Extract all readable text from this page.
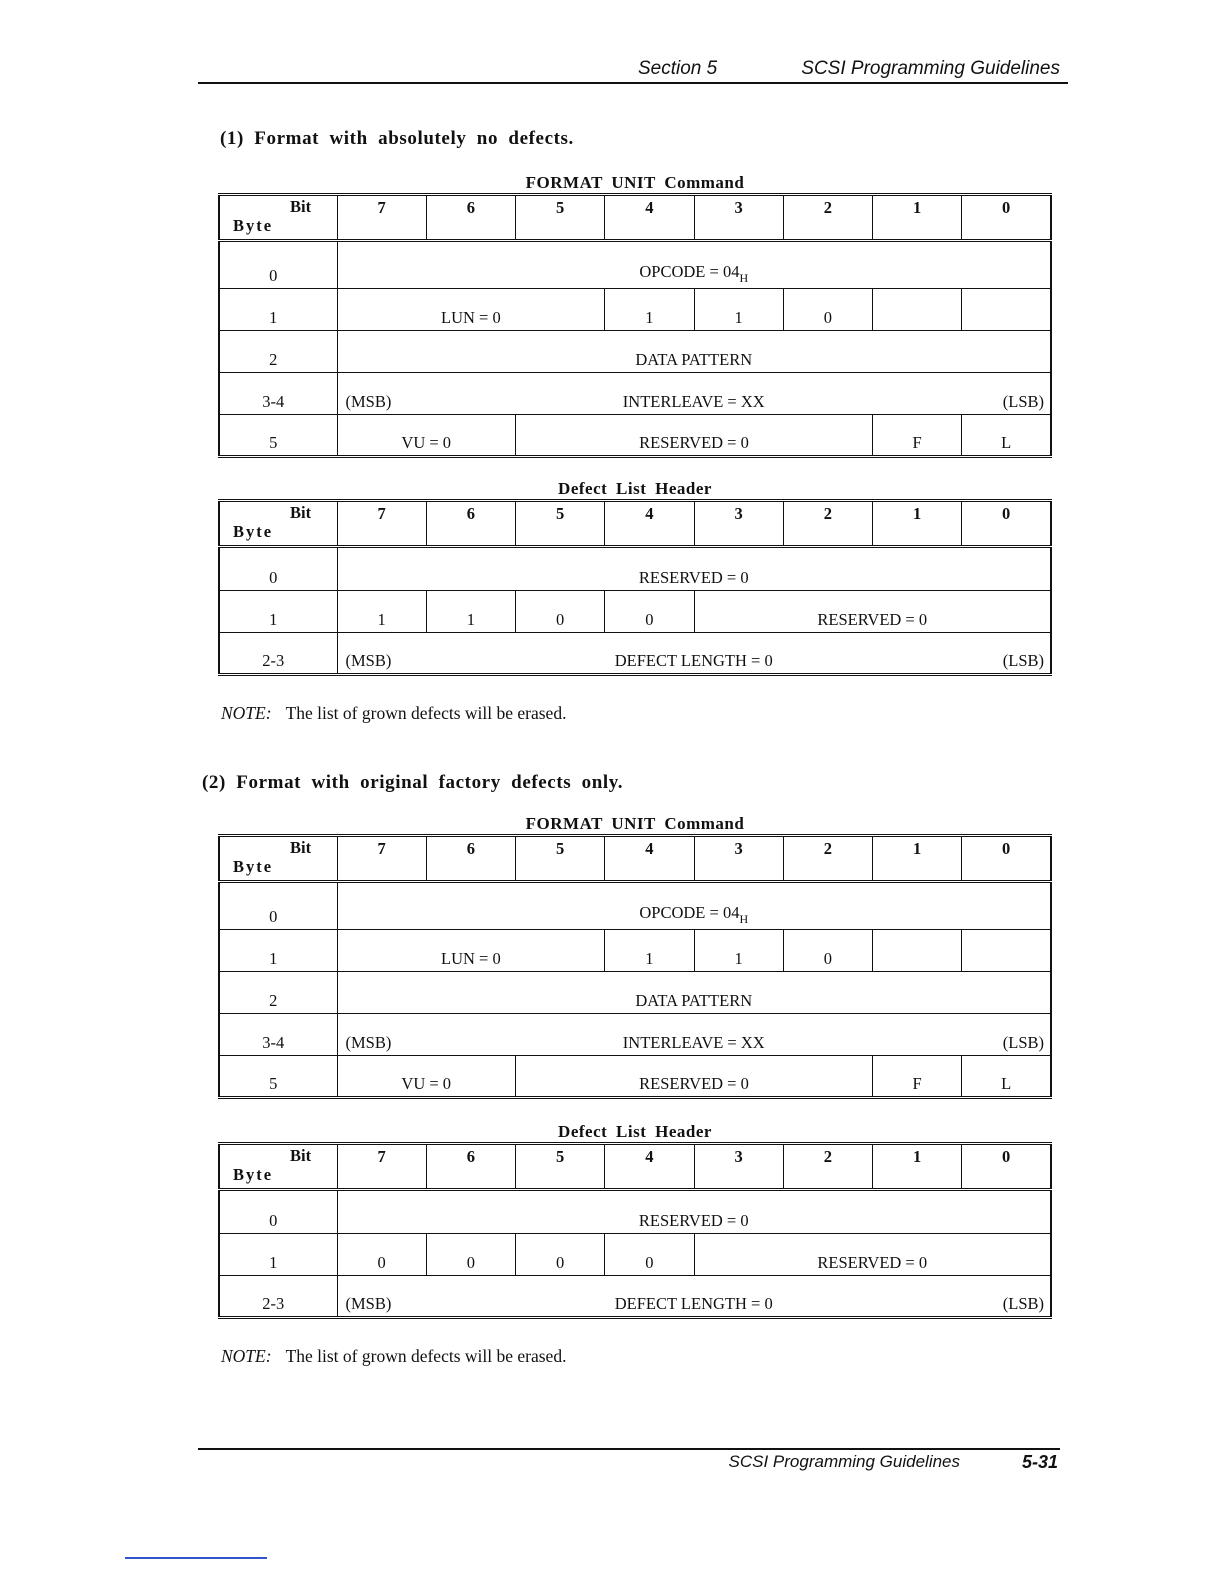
Section 5	SCSI Programming Guidelines
(1) Format with absolutely no defects.
FORMAT UNIT Command
Bit
Byte	7	6	5	4	3	2	1	0
0	OPCODE = $04_H$
1	LUN = 0			1	1	0		
2	DATA PATTERN							
3-4	(MSB) INTERLEAVE = XX (LSB)							

5	VU = 0		RESERVED = 0				F	L
Defect List Header
Bit
Byte	7	6	5	4	3	2	1	0
0	RESERVED = 0							
1	1	1	0	0	RESERVED = 0			
2-3	(MSB) DEFECT LENGTH = 0 (LSB)							
NOTE: The list of grown defects will be erased.
(2) Format with original factory defects only.
FORMAT UNIT Command
Bit
Byte	7	6	5	4	3	2	1	0
0	OPCODE = $04_H$
1	LUN = 0			1	1	0		
2	DATA PATTERN							
3-4	(MSB) INTERLEAVE = XX (LSB)							

5	VU = 0		RESERVED = 0				F	L
Defect List Header
Bit
Byte	7	6	5	4	3	2	1	0
0	RESERVED = 0							
1	0	0	0	0	RESERVED = 0			
2-3	(MSB) DEFECT LENGTH = 0 (LSB)							
NOTE: The list of grown defects will be erased.
SCSI Programming Guidelines	5-31
